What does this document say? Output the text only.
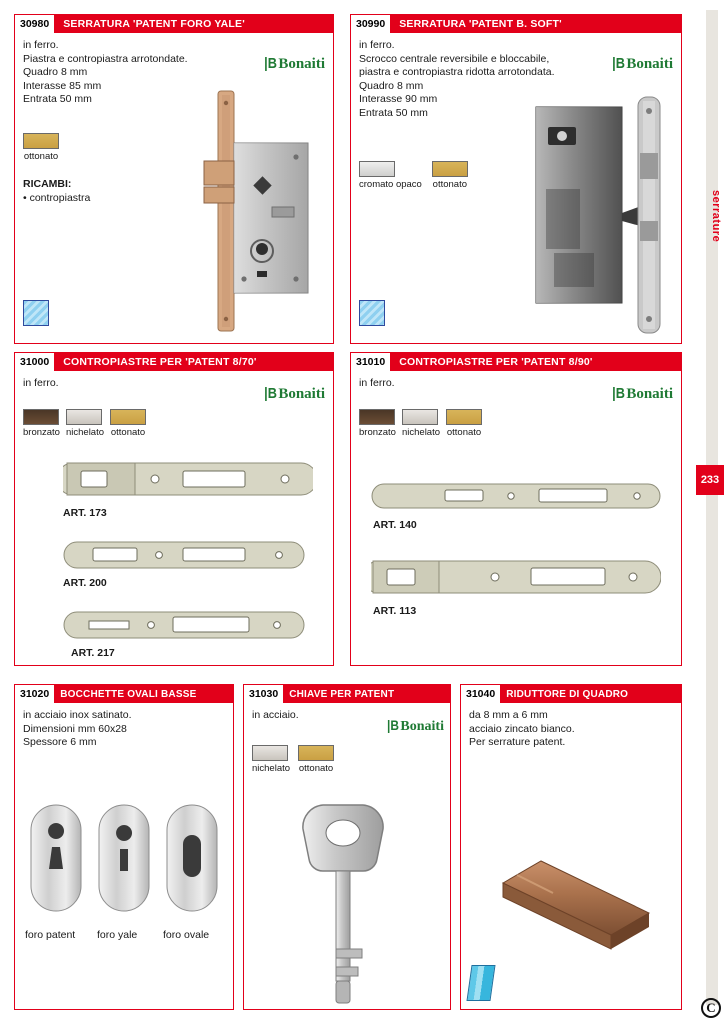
30980	SERRATURA 'PATENT FORO YALE'
in ferro.
Piastra e contropiastra arrotondate.
Quadro 8 mm
Interasse 85 mm
Entrata 50 mm
|BBonaiti
ottonato
RICAMBI:
• contropiastra
30990	SERRATURA 'PATENT B. SOFT'
in ferro.
Scrocco centrale reversibile e bloccabile,
piastra e contropiastra ridotta arrotondata.
Quadro 8 mm
Interasse 90 mm
Entrata 50 mm
|BBonaiti
cromato opaco ottonato
31000	CONTROPIASTRE PER 'PATENT 8/70'
in ferro.
|BBonaiti
bronzato nichelato ottonato
ART. 173
ART. 200
ART. 217
31010	CONTROPIASTRE PER 'PATENT 8/90'
in ferro.
|BBonaiti
bronzato nichelato ottonato
ART. 140
ART. 113
31020	BOCCHETTE OVALI BASSE
in acciaio inox satinato.
Dimensioni mm 60x28
Spessore 6 mm
foro patent foro yale foro ovale
31030	CHIAVE PER PATENT
in acciaio.
|BBonaiti
nichelato ottonato
31040	RIDUTTORE DI QUADRO
da 8 mm a 6 mm
acciaio zincato bianco.
Per serrature patent.
serrature
233
C
